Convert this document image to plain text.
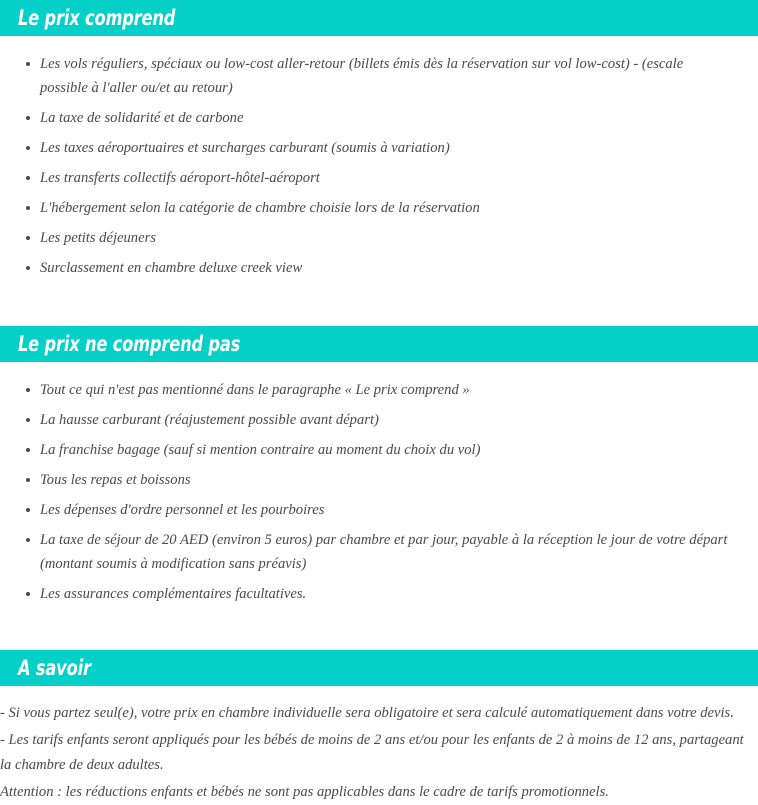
Le prix comprend
Les vols réguliers, spéciaux ou low-cost aller-retour (billets émis dès la réservation sur vol low-cost) - (escale possible à l'aller ou/et au retour)
La taxe de solidarité et de carbone
Les taxes aéroportuaires et surcharges carburant (soumis à variation)
Les transferts collectifs aéroport-hôtel-aéroport
L'hébergement selon la catégorie de chambre choisie lors de la réservation
Les petits déjeuners
Surclassement en chambre deluxe creek view
Le prix ne comprend pas
Tout ce qui n'est pas mentionné dans le paragraphe « Le prix comprend »
La hausse carburant (réajustement possible avant départ)
La franchise bagage (sauf si mention contraire au moment du choix du vol)
Tous les repas et boissons
Les dépenses d'ordre personnel et les pourboires
La taxe de séjour de 20 AED (environ 5 euros) par chambre et par jour, payable à la réception le jour de votre départ (montant soumis à modification sans préavis)
Les assurances complémentaires facultatives.
A savoir

- Si vous partez seul(e), votre prix en chambre individuelle sera obligatoire et sera calculé automatiquement dans votre devis.

- Les tarifs enfants seront appliqués pour les bébés de moins de 2 ans et/ou pour les enfants de 2 à moins de 12 ans, partageant la chambre de deux adultes.

Attention : les réductions enfants et bébés ne sont pas applicables dans le cadre de tarifs promotionnels.
